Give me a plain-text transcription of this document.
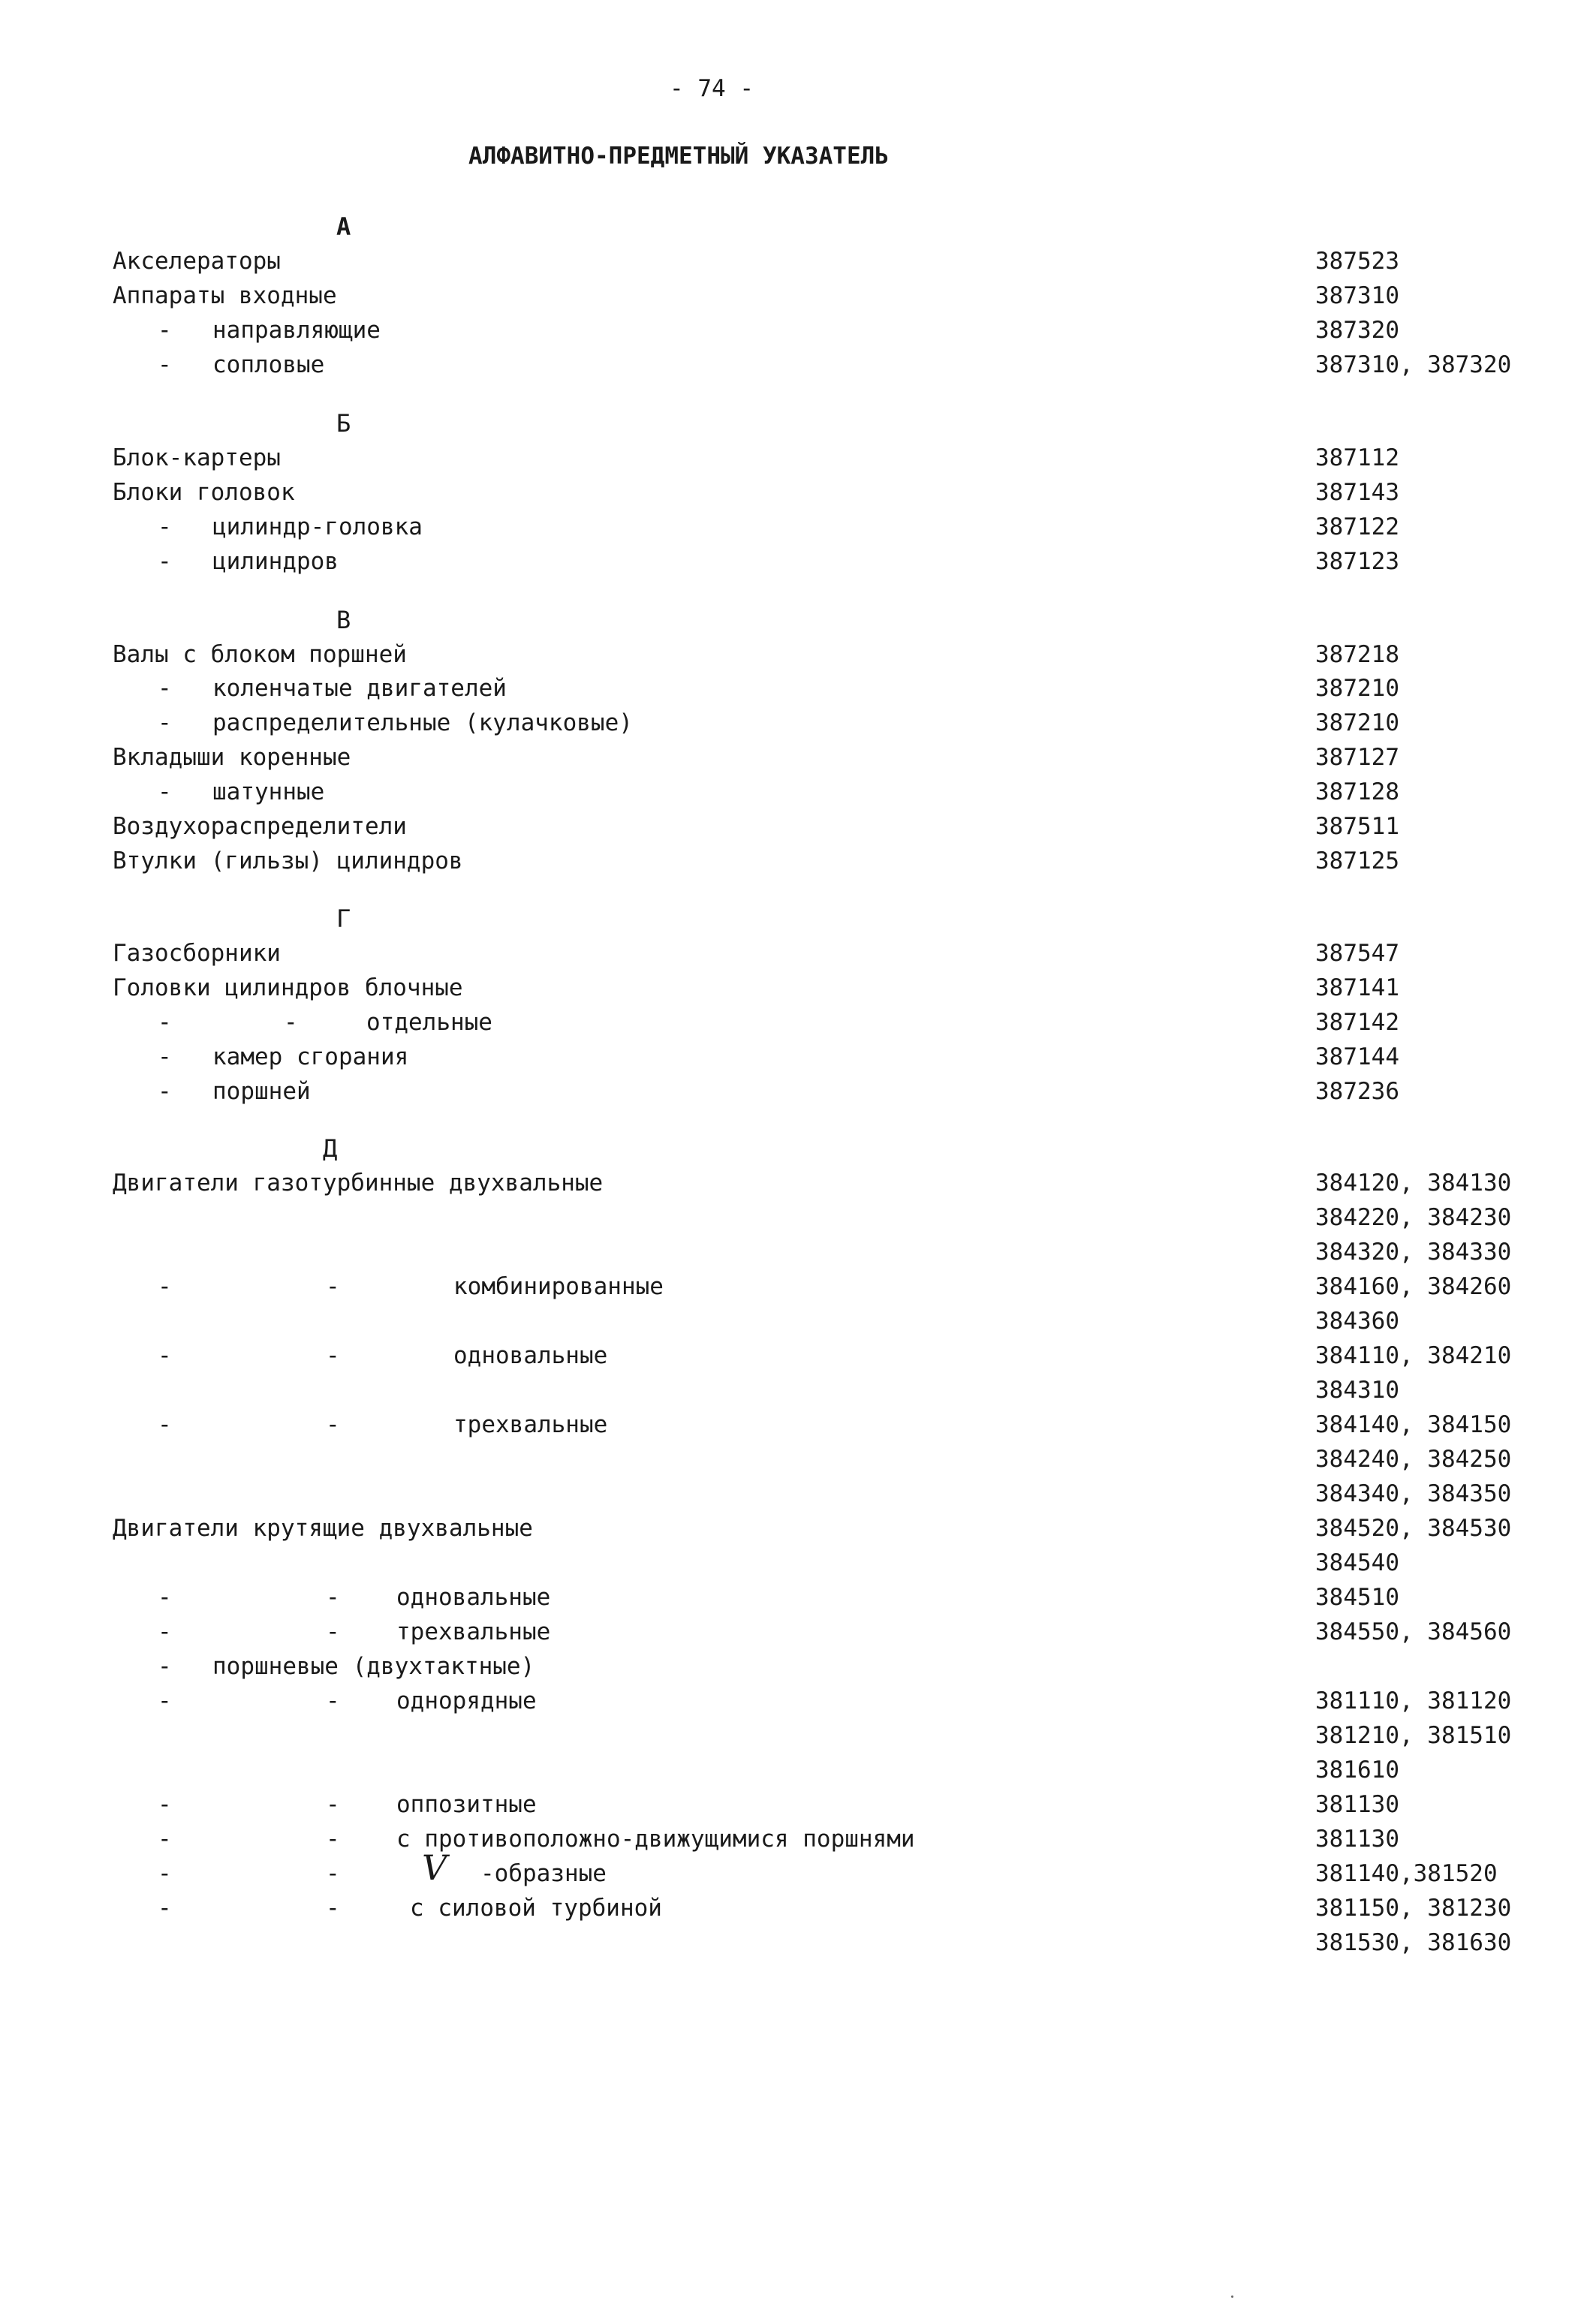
- 74 -
АЛФАВИТНО-ПРЕДМЕТНЫЙ УКАЗАТЕЛЬ
А
Акселераторы	387523
Аппараты входные	387310
- направляющие	387320
- сопловые	387310, 387320
Б
Блок-картеры	387112
Блоки головок	387143
- цилиндр-головка	387122
- цилиндров	387123
В
Валы с блоком поршней	387218
- коленчатые двигателей	387210
- распределительные (кулачковые)	387210
Вкладыши коренные	387127
- шатунные	387128
Воздухораспределители	387511
Втулки (гильзы) цилиндров	387125
Г
Газосборники	387547
Головки цилиндров блочные	387141
-	-	отдельные	387142
- камер сгорания	387144
- поршней	387236
Д
Двигатели газотурбинные двухвальные	384120, 384130
384220, 384230
384320, 384330
-	-	комбинированные	384160, 384260
384360
-	-	одновальные	384110, 384210
384310
-	-	трехвальные	384140, 384150
384240, 384250
384340, 384350
Двигатели крутящие двухвальные	384520, 384530
384540
-	- одновальные	384510
-	- трехвальные	384550, 384560
- поршневые (двухтактные)
-	- однорядные	381110, 381120
381210, 381510
381610
-	- оппозитные	381130
-	- с противоположно-движущимися поршнями	381130
-	- V -образные	381140,381520
-	-	с силовой турбиной	381150, 381230
381530, 381630
